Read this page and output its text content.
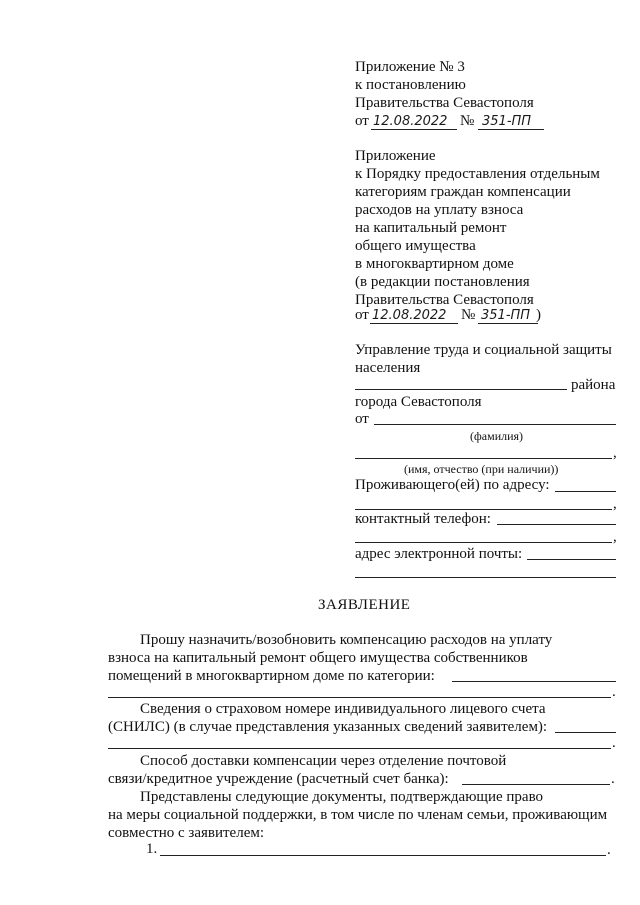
Приложение № 3
к постановлению
Правительства Севастополя
от 12.08.2022 № 351-ПП
Приложение
к Порядку предоставления отдельным
категориям граждан компенсации
расходов на уплату взноса
на капитальный ремонт
общего имущества
в многоквартирном доме
(в редакции постановления
Правительства Севастополя
от 12.08.2022 № 351-ПП )
Управление труда и социальной защиты
населения
района
города Севастополя
от
(фамилия)
,
(имя, отчество (при наличии))
Проживающего(ей) по адресу:
,
контактный телефон:
,
адрес электронной почты:
ЗАЯВЛЕНИЕ
Прошу назначить/возобновить компенсацию расходов на уплату
взноса на капитальный ремонт общего имущества собственников
помещений в многоквартирном доме по категории:
.
Сведения о страховом номере индивидуального лицевого счета
(СНИЛС) (в случае представления указанных сведений заявителем):
.
Способ доставки компенсации через отделение почтовой
связи/кредитное учреждение (расчетный счет банка):	.
Представлены следующие документы, подтверждающие право
на меры социальной поддержки, в том числе по членам семьи, проживающим
совместно с заявителем:
1.	.
